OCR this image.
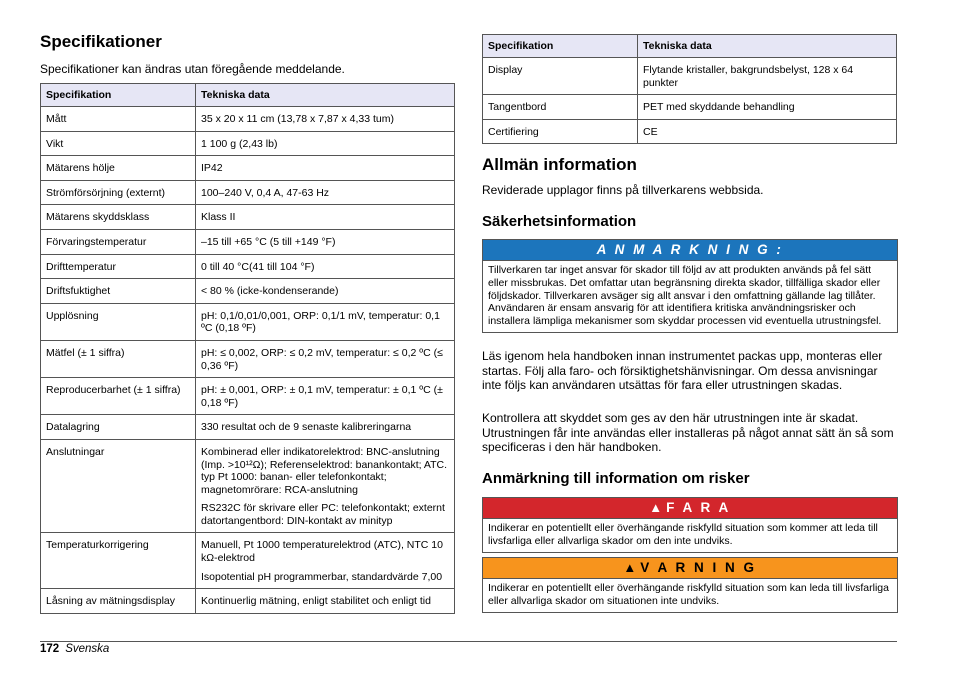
Specifikationer

Specifikationer kan ändras utan föregående meddelande.

Specifikation	Tekniska data
Mått	35 x 20 x 11 cm (13,78 x 7,87 x 4,33 tum)

Vikt	1 100 g (2,43 lb)

Mätarens hölje	IP42

Strömförsörjning (externt)	100–240 V, 0,4 A, 47-63 Hz

Mätarens skyddsklass	Klass II

Förvaringstemperatur	–15 till +65 °C (5 till +149 °F)

Drifttemperatur	0 till 40 °C(41 till 104 °F)

Driftsfuktighet	< 80 % (icke-kondenserande)

Upplösning	pH: 0,1/0,01/0,001, ORP: 0,1/1 mV, temperatur: 0,1 ºC (0,18 ºF)

Mätfel (± 1 siffra)	pH: ≤ 0,002, ORP: ≤ 0,2 mV, temperatur: ≤ 0,2 ºC (≤ 0,36 ºF)

Reproducerbarhet (± 1 siffra)	pH: ± 0,001, ORP: ± 0,1 mV, temperatur: ± 0,1 ºC (± 0,18 ºF)

Datalagring	330 resultat och de 9 senaste kalibreringarna

Anslutningar	Kombinerad eller indikatorelektrod: BNC-anslutning (Imp. >10¹²Ω); Referenselektrod: banankontakt; ATC. typ Pt 1000: banan- eller telefonkontakt; magnetomrörare: RCA-anslutning

RS232C för skrivare eller PC: telefonkontakt; externt datortangentbord: DIN-kontakt av minityp

Temperaturkorrigering	Manuell, Pt 1000 temperaturelektrod (ATC), NTC 10 kΩ-elektrod

Isopotential pH programmerbar, standardvärde 7,00

Låsning av mätningsdisplay	Kontinuerlig mätning, enligt stabilitet och enligt tid

Specifikation	Tekniska data
Display	Flytande kristaller, bakgrundsbelyst, 128 x 64 punkter

Tangentbord	PET med skyddande behandling

Certifiering	CE

Allmän information

Reviderade upplagor finns på tillverkarens webbsida.

Säkerhetsinformation
A N M A R K N I N G :
Tillverkaren tar inget ansvar för skador till följd av att produkten används på fel sätt eller missbrukas. Det omfattar utan begränsning direkta skador, tillfälliga skador eller följdskador. Tillverkaren avsäger sig allt ansvar i den omfattning gällande lag tillåter. Användaren är ensam ansvarig för att identifiera kritiska användningsrisker och installera lämpliga mekanismer som skyddar processen vid eventuella utrustningsfel.

Läs igenom hela handboken innan instrumentet packas upp, monteras eller startas. Följ alla faro- och försiktighetshänvisningar. Om dessa anvisningar inte följs kan användaren utsättas för fara eller utrustningen skadas.

Kontrollera att skyddet som ges av den här utrustningen inte är skadat. Utrustningen får inte användas eller installeras på något annat sätt än så som specificeras i den här handboken.

Anmärkning till information om risker
▲ F A R A
Indikerar en potentiellt eller överhängande riskfylld situation som kommer att leda till livsfarliga eller allvarliga skador om den inte undviks.
▲ V A R N I N G
Indikerar en potentiellt eller överhängande riskfylld situation som kan leda till livsfarliga eller allvarliga skador om situationen inte undviks.
172 Svenska
